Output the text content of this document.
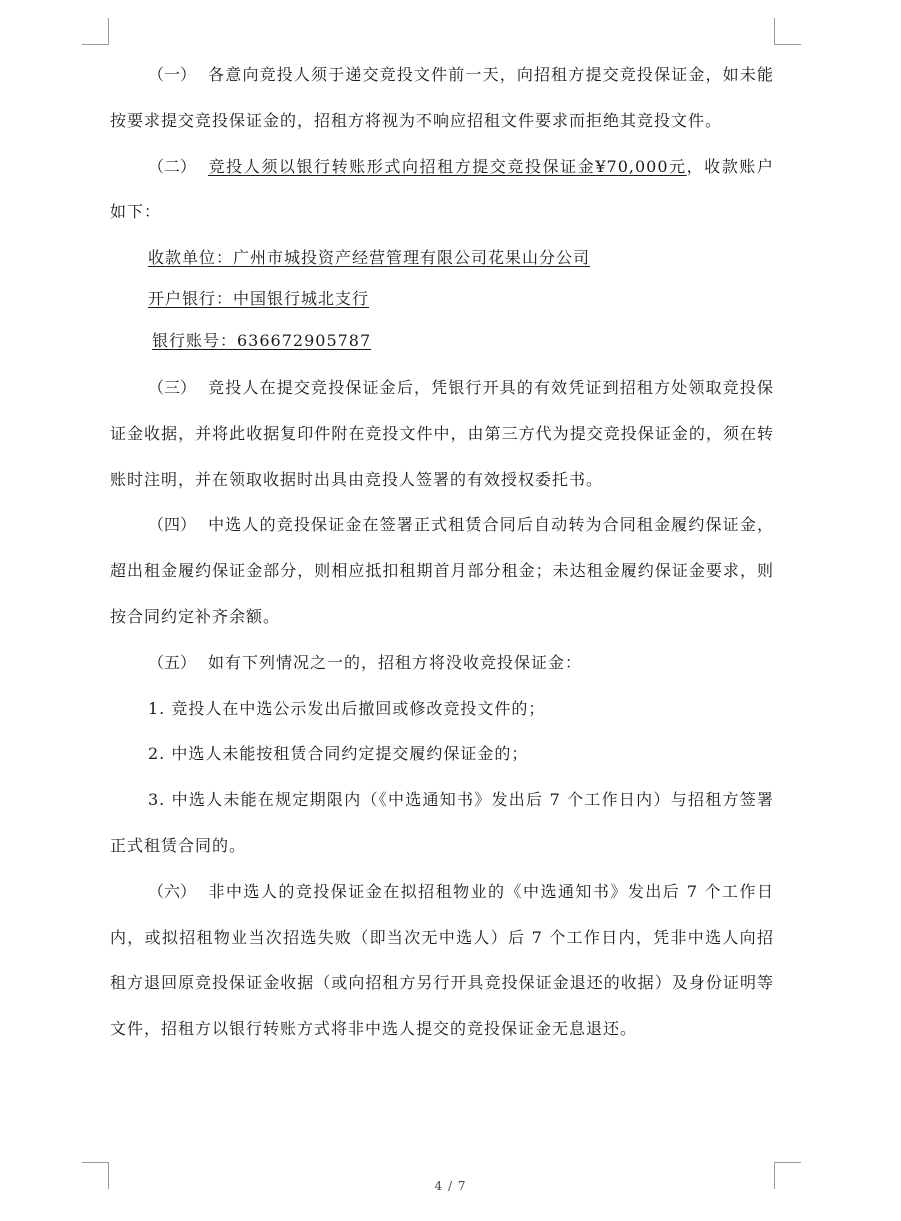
（一） 各意向竞投人须于递交竞投文件前一天，向招租方提交竞投保证金，如未能按要求提交竞投保证金的，招租方将视为不响应招租文件要求而拒绝其竞投文件。

（二） 竞投人须以银行转账形式向招租方提交竞投保证金¥70,000元，收款账户如下：

收款单位：广州市城投资产经营管理有限公司花果山分公司

开户银行：中国银行城北支行

银行账号：636672905787

（三） 竞投人在提交竞投保证金后，凭银行开具的有效凭证到招租方处领取竞投保证金收据，并将此收据复印件附在竞投文件中，由第三方代为提交竞投保证金的，须在转账时注明，并在领取收据时出具由竞投人签署的有效授权委托书。

（四） 中选人的竞投保证金在签署正式租赁合同后自动转为合同租金履约保证金，超出租金履约保证金部分，则相应抵扣租期首月部分租金；未达租金履约保证金要求，则按合同约定补齐余额。

（五） 如有下列情况之一的，招租方将没收竞投保证金：

1. 竞投人在中选公示发出后撤回或修改竞投文件的；

2. 中选人未能按租赁合同约定提交履约保证金的；

3. 中选人未能在规定期限内（《中选通知书》发出后 7 个工作日内）与招租方签署正式租赁合同的。

（六） 非中选人的竞投保证金在拟招租物业的《中选通知书》发出后 7 个工作日内，或拟招租物业当次招选失败（即当次无中选人）后 7 个工作日内，凭非中选人向招租方退回原竞投保证金收据（或向招租方另行开具竞投保证金退还的收据）及身份证明等文件，招租方以银行转账方式将非中选人提交的竞投保证金无息退还。

4 / 7
